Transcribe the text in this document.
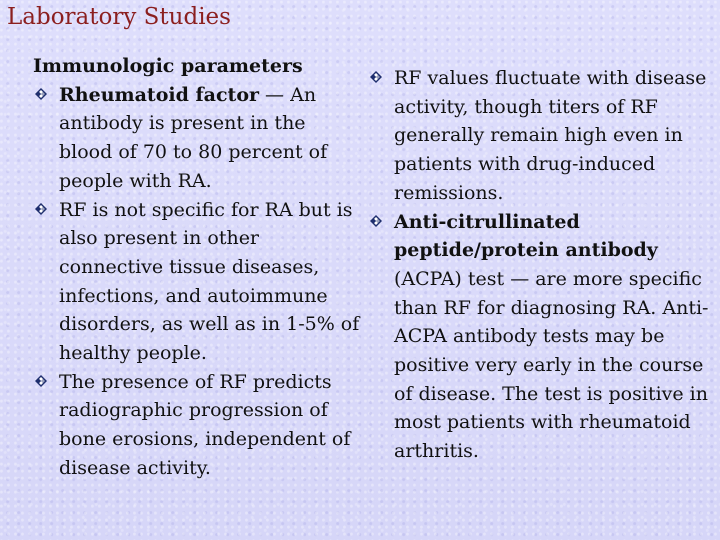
Laboratory Studies

Immunologic parameters

Rheumatoid factor — An antibody is present in the blood of 70 to 80 percent of people with RA.
RF is not specific for RA but is also present in other connective tissue diseases, infections, and autoimmune disorders, as well as in 1-5% of healthy people.
The presence of RF predicts radiographic progression of bone erosions, independent of disease activity.
RF values fluctuate with disease activity, though titers of RF generally remain high even in patients with drug-induced remissions.
Anti-citrullinated peptide/protein antibody (ACPA) test — are more specific than RF for diagnosing RA. Anti-ACPA antibody tests may be positive very early in the course of disease. The test is positive in most patients with rheumatoid arthritis.
